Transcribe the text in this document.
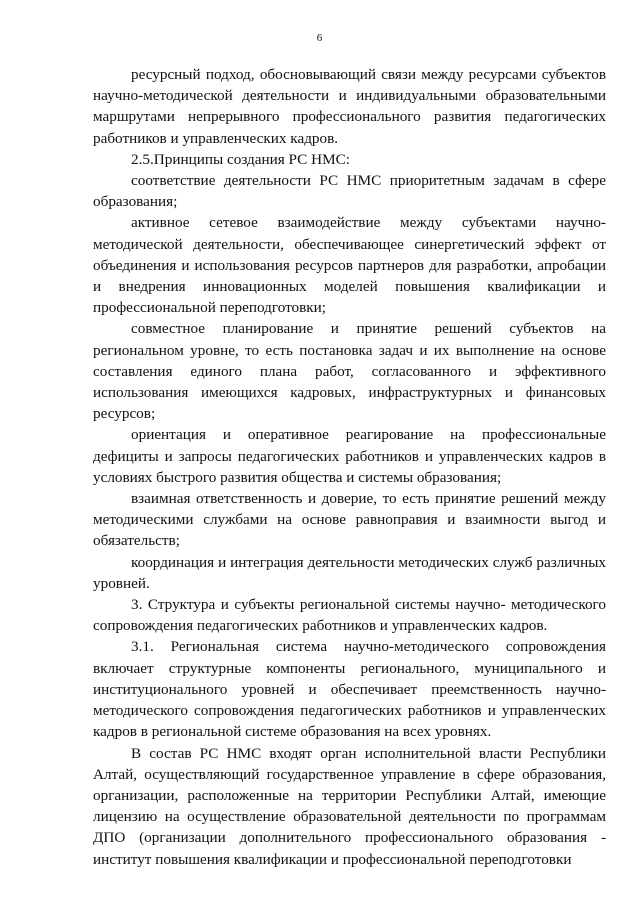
6

ресурсный подход, обосновывающий связи между ресурсами субъектов научно-методической деятельности и индивидуальными образовательными маршрутами непрерывного профессионального развития педагогических работников и управленческих кадров.

2.5.Принципы создания РС НМС:

соответствие деятельности РС НМС приоритетным задачам в сфере образования;

активное сетевое взаимодействие между субъектами научно-методической деятельности, обеспечивающее синергетический эффект от объединения и использования ресурсов партнеров для разработки, апробации и внедрения инновационных моделей повышения квалификации и профессиональной переподготовки;

совместное планирование и принятие решений субъектов на региональном уровне, то есть постановка задач и их выполнение на основе составления единого плана работ, согласованного и эффективного использования имеющихся кадровых, инфраструктурных и финансовых ресурсов;

ориентация и оперативное реагирование на профессиональные дефициты и запросы педагогических работников и управленческих кадров в условиях быстрого развития общества и системы образования;

взаимная ответственность и доверие, то есть принятие решений между методическими службами на основе равноправия и взаимности выгод и обязательств;

координация и интеграция деятельности методических служб различных уровней.

3. Структура и субъекты региональной системы научно- методического сопровождения педагогических работников и управленческих кадров.

3.1. Региональная система научно-методического сопровождения включает структурные компоненты регионального, муниципального и институционального уровней и обеспечивает преемственность научно-методического сопровождения педагогических работников и управленческих кадров в региональной системе образования на всех уровнях.

В состав РС НМС входят орган исполнительной власти Республики Алтай, осуществляющий государственное управление в сфере образования, организации, расположенные на территории Республики Алтай, имеющие лицензию на осуществление образовательной деятельности по программам ДПО (организации дополнительного профессионального образования - институт повышения квалификации и профессиональной переподготовки
